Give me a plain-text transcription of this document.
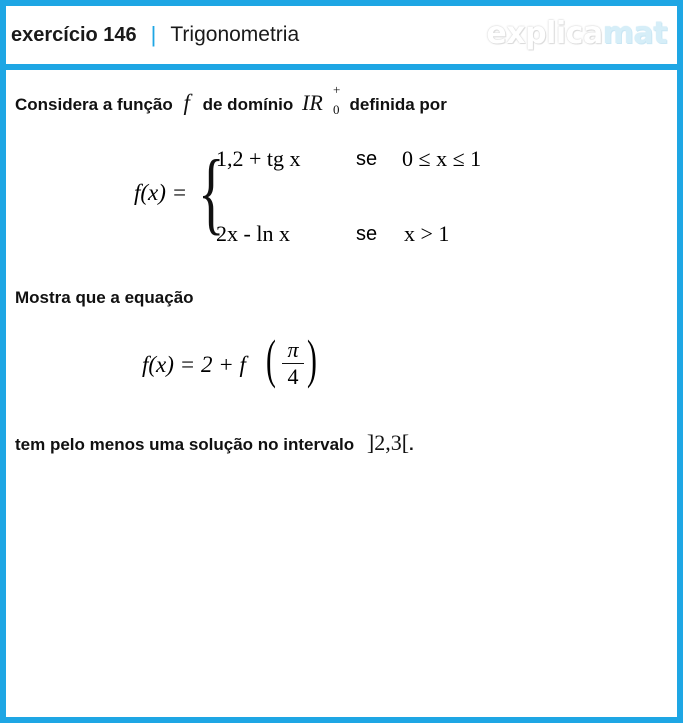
exercício 146 | Trigonometria	explicamat
Considera a função f de domínio IR
+
0 definida por
f(x) = {
1,2 + tg x	se 0 ≤ x ≤ 1
2x - ln x	se x > 1
Mostra que a equação
f(x) = 2 + f ( π
4 )
tem pelo menos uma solução no intervalo ]2,3[.
